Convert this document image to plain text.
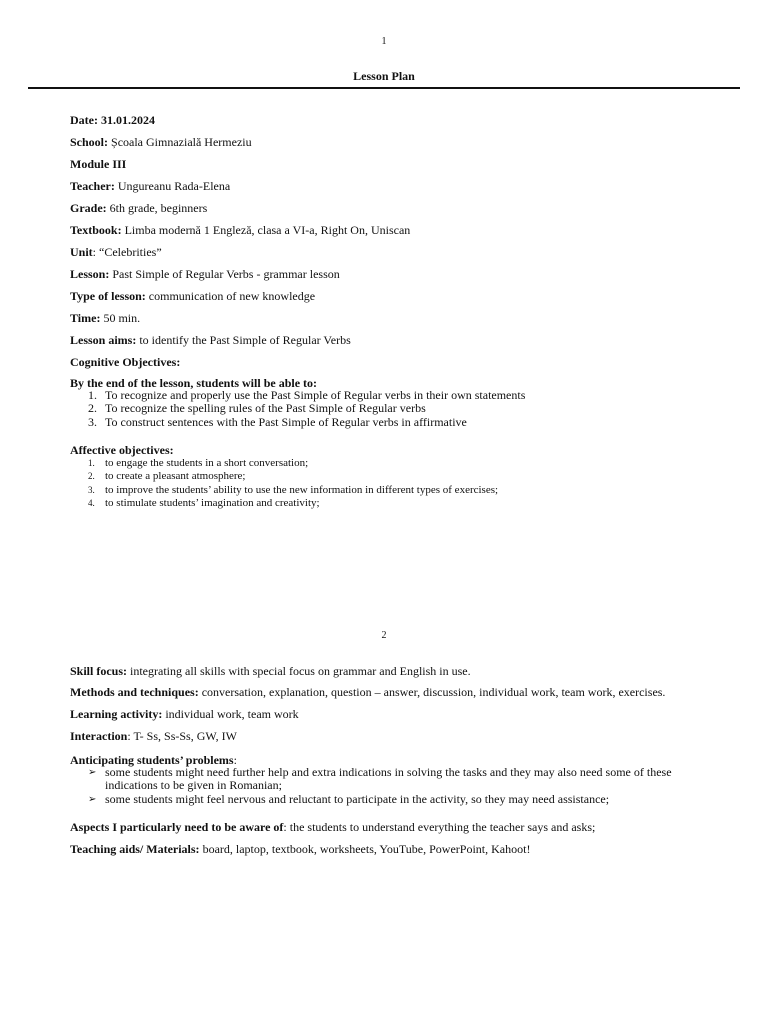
1
Lesson Plan
Date: 31.01.2024
School: Școala Gimnazială Hermeziu
Module III
Teacher: Ungureanu Rada-Elena
Grade: 6th grade, beginners
Textbook: Limba modernă 1 Engleză, clasa a VI-a, Right On, Uniscan
Unit: “Celebrities”
Lesson: Past Simple of Regular Verbs - grammar lesson
Type of lesson: communication of new knowledge
Time: 50 min.
Lesson aims: to identify the Past Simple of Regular Verbs
Cognitive Objectives:
By the end of the lesson, students will be able to:
1. To recognize and properly use the Past Simple of Regular verbs in their own statements
2. To recognize the spelling rules of the Past Simple of Regular verbs
3. To construct sentences with the Past Simple of Regular verbs in affirmative
Affective objectives:
1. to engage the students in a short conversation;
2. to create a pleasant atmosphere;
3. to improve the students’ ability to use the new information in different types of exercises;
4. to stimulate students’ imagination and creativity;
2
Skill focus: integrating all skills with special focus on grammar and English in use.
Methods and techniques: conversation, explanation, question – answer, discussion, individual work, team work, exercises.
Learning activity: individual work, team work
Interaction: T- Ss, Ss-Ss, GW, IW
Anticipating students’ problems:
➢ some students might need further help and extra indications in solving the tasks and they may also need some of these indications to be given in Romanian;
➢ some students might feel nervous and reluctant to participate in the activity, so they may need assistance;
Aspects I particularly need to be aware of: the students to understand everything the teacher says and asks;
Teaching aids/ Materials: board, laptop, textbook, worksheets, YouTube, PowerPoint, Kahoot!
